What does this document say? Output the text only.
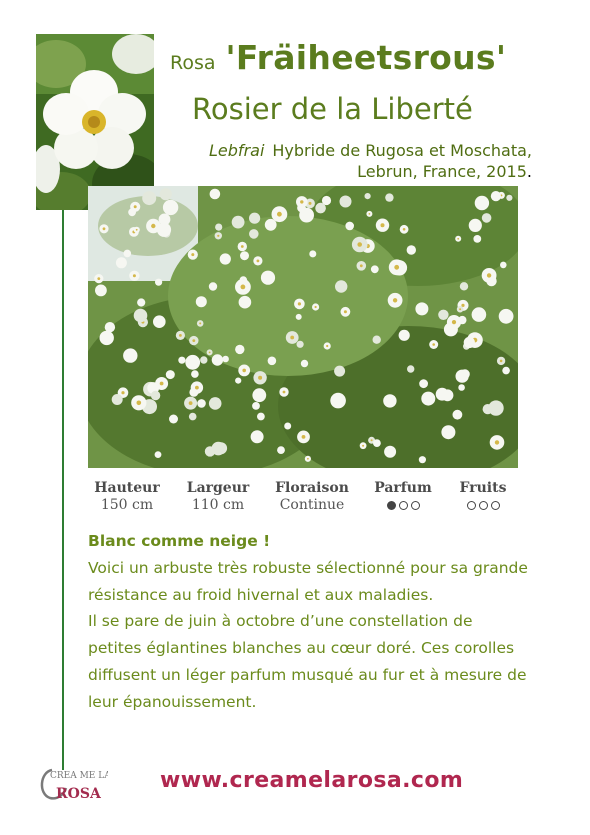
Rosa 'Fräiheetsrous'
Rosier de la Liberté
Lebfrai Hybride de Rugosa et Moschata,
Lebrun, France, 2015.
Hauteur
150 cm
Largeur
110 cm
Floraison
Continue
Parfum	Fruits

Blanc comme neige !

Voici un arbuste très robuste sélectionné pour sa grande résistance au froid hivernal et aux maladies.

Il se pare de juin à octobre d’une constellation de petites églantines blanches au cœur doré. Ces corolles diffusent un léger parfum musqué au fur et à mesure de leur épanouissement.

CREA ME LA
ROSA
www.creamelarosa.com
